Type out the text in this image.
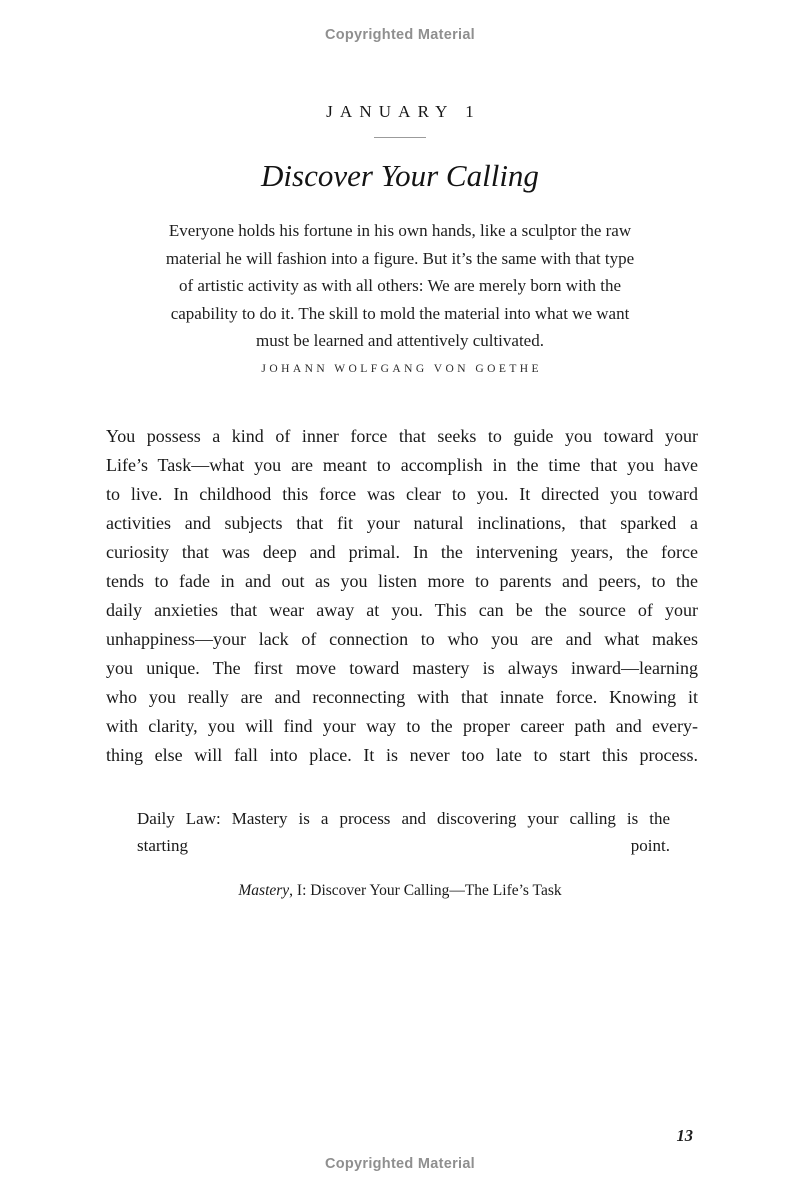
Copyrighted Material
JANUARY 1
Discover Your Calling
Everyone holds his fortune in his own hands, like a sculptor the raw
material he will fashion into a figure. But it’s the same with that type
of artistic activity as with all others: We are merely born with the
capability to do it. The skill to mold the material into what we want
must be learned and attentively cultivated.
JOHANN WOLFGANG VON GOETHE
You possess a kind of inner force that seeks to guide you toward your
Life’s Task—what you are meant to accomplish in the time that you have
to live. In childhood this force was clear to you. It directed you toward
activities and subjects that fit your natural inclinations, that sparked a
curiosity that was deep and primal. In the intervening years, the force
tends to fade in and out as you listen more to parents and peers, to the
daily anxieties that wear away at you. This can be the source of your
unhappiness—your lack of connection to who you are and what makes
you unique. The first move toward mastery is always inward—learning
who you really are and reconnecting with that innate force. Knowing it
with clarity, you will find your way to the proper career path and every-
thing else will fall into place. It is never too late to start this process.
Daily Law: Mastery is a process and discovering your calling is the
starting point.
Mastery, I: Discover Your Calling—The Life’s Task
13
Copyrighted Material
